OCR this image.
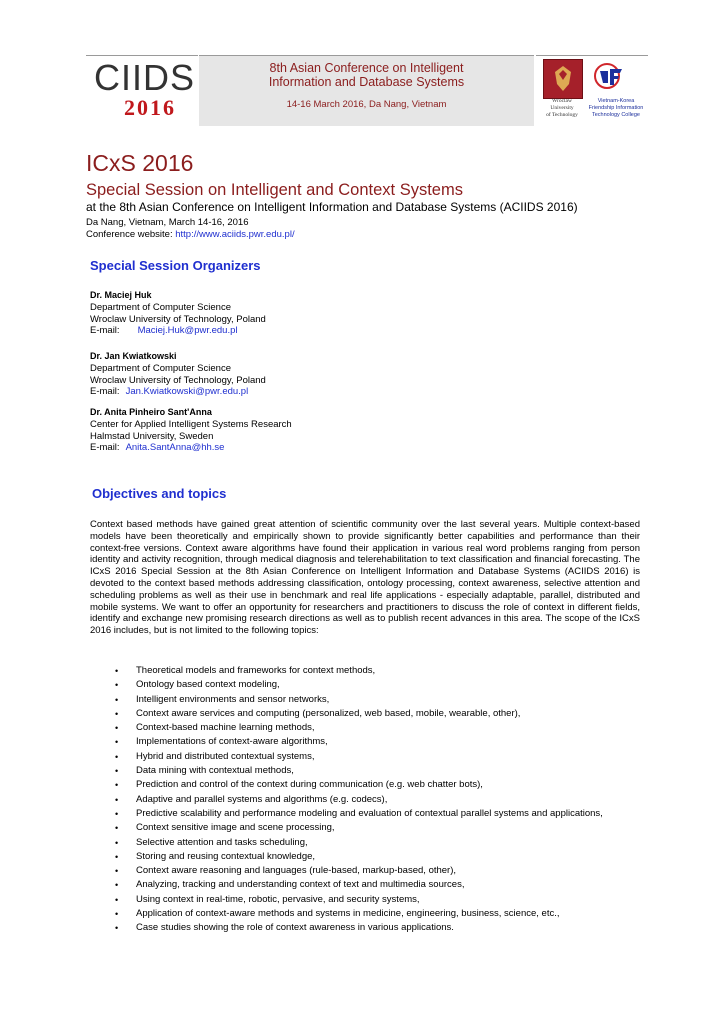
CIIDS
2016
8th Asian Conference on Intelligent
Information and Database Systems
14-16 March 2016, Da Nang, Vietnam	Wroclaw
University
of Technology
Vietnam-Korea
Friendship Information
Technology College
ICxS 2016
Special Session on Intelligent and Context Systems
at the 8th Asian Conference on Intelligent Information and Database Systems (ACIIDS 2016)
Da Nang, Vietnam, March 14-16, 2016
Conference website: http://www.aciids.pwr.edu.pl/
Special Session Organizers
Dr. Maciej Huk
Department of Computer Science
Wroclaw University of Technology, Poland
E-mail: Maciej.Huk@pwr.edu.pl
Dr. Jan Kwiatkowski
Department of Computer Science
Wroclaw University of Technology, Poland
E-mail: Jan.Kwiatkowski@pwr.edu.pl
Dr. Anita Pinheiro Sant'Anna
Center for Applied Intelligent Systems Research
Halmstad University, Sweden
E-mail: Anita.SantAnna@hh.se
Objectives and topics
Context based methods have gained great attention of scientific community over the last several years. Multiple context-based models have been theoretically and empirically shown to provide significantly better capabilities and performance than their context-free versions. Context aware algorithms have found their application in various real word problems ranging from person identity and activity recognition, through medical diagnosis and telerehabilitation to text classification and financial forecasting. The ICxS 2016 Special Session at the 8th Asian Conference on Intelligent Information and Database Systems (ACIIDS 2016) is devoted to the context based methods addressing classification, ontology processing, context awareness, selective attention and scheduling problems as well as their use in benchmark and real life applications - especially adaptable, parallel, distributed and mobile systems. We want to offer an opportunity for researchers and practitioners to discuss the role of context in different fields, identify and exchange new promising research directions as well as to publish recent advances in this area. The scope of the ICxS 2016 includes, but is not limited to the following topics:
• Theoretical models and frameworks for context methods,
• Ontology based context modeling,
• Intelligent environments and sensor networks,
• Context aware services and computing (personalized, web based, mobile, wearable, other),
• Context-based machine learning methods,
• Implementations of context-aware algorithms,
• Hybrid and distributed contextual systems,
• Data mining with contextual methods,
• Prediction and control of the context during communication (e.g. web chatter bots),
• Adaptive and parallel systems and algorithms (e.g. codecs),
• Predictive scalability and performance modeling and evaluation of contextual parallel systems and applications,
• Context sensitive image and scene processing,
• Selective attention and tasks scheduling,
• Storing and reusing contextual knowledge,
• Context aware reasoning and languages (rule-based, markup-based, other),
• Analyzing, tracking and understanding context of text and multimedia sources,
• Using context in real-time, robotic, pervasive, and security systems,
• Application of context-aware methods and systems in medicine, engineering, business, science, etc.,
• Case studies showing the role of context awareness in various applications.
